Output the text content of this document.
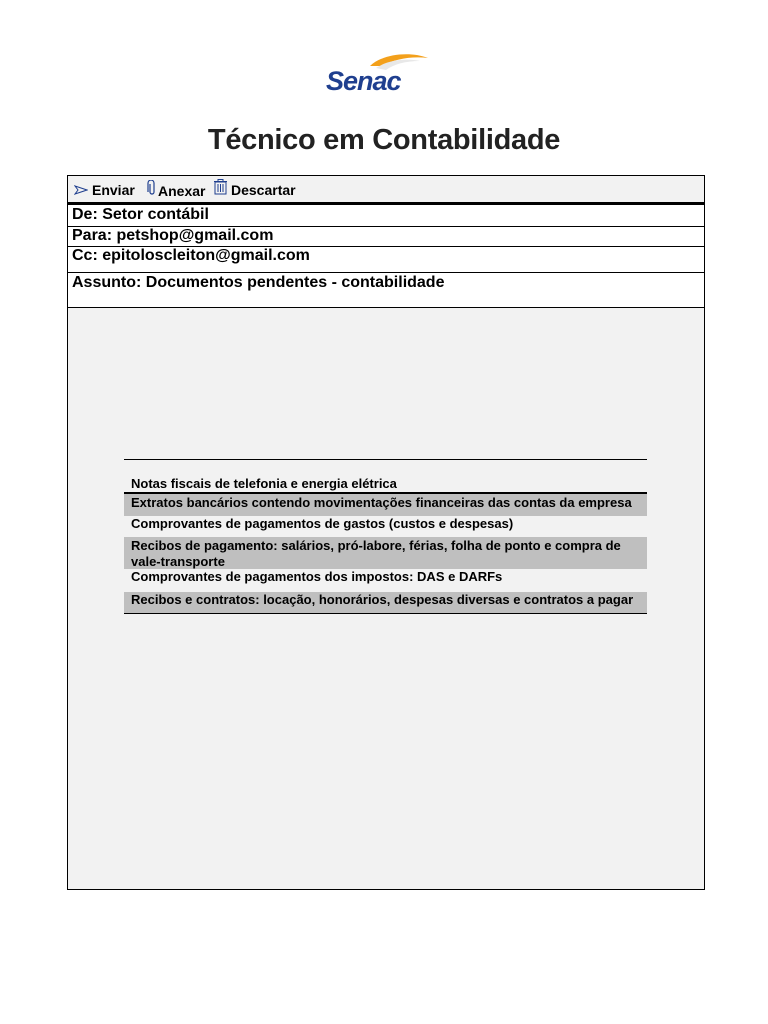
Senac
Técnico em Contabilidade
Enviar Anexar Descartar
De: Setor contábil
Para: petshop@gmail.com
Cc: epitoloscleiton@gmail.com
Assunto: Documentos pendentes - contabilidade
Notas fiscais de telefonia e energia elétrica
Extratos bancários contendo movimentações financeiras das contas da empresa
Comprovantes de pagamentos de gastos (custos e despesas)
Recibos de pagamento: salários, pró-labore, férias, folha de ponto e compra de vale-transporte
Comprovantes de pagamentos dos impostos: DAS e DARFs
Recibos e contratos: locação, honorários, despesas diversas e contratos a pagar
